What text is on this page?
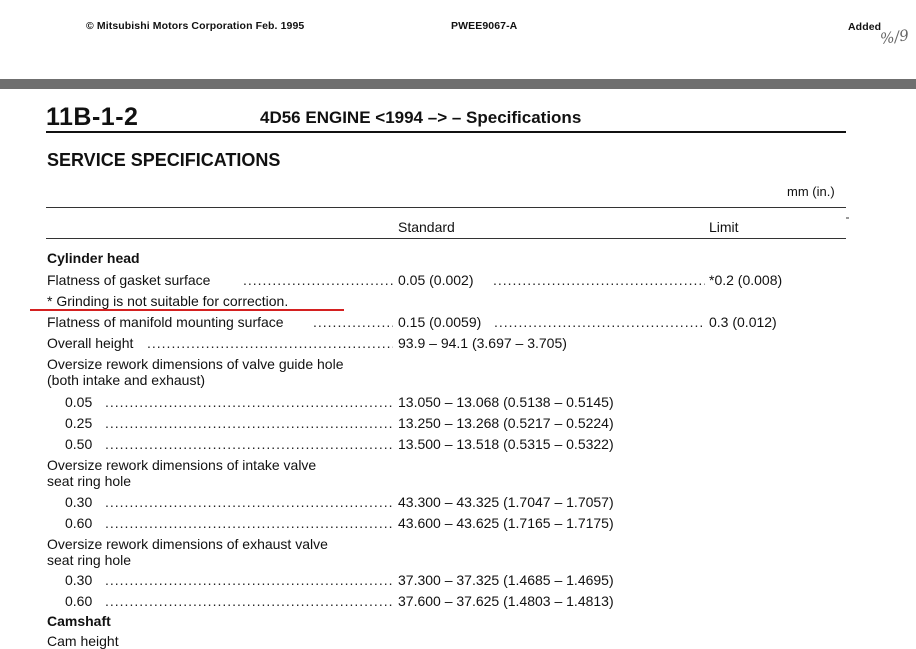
© Mitsubishi Motors Corporation Feb. 1995	PWEE9067-A	Added
%/9
11B-1-2	4D56 ENGINE <1994 –> – Specifications
SERVICE SPECIFICATIONS
mm (in.)
Standard	Limit
Cylinder head
Flatness of gasket surface .....	0.05 (0.002) .....	*0.2 (0.008)
* Grinding is not suitable for correction.
Flatness of manifold mounting surface .....	0.15 (0.0059) .....	0.3 (0.012)
Overall height .....	93.9 – 94.1 (3.697 – 3.705)
Oversize rework dimensions of valve guide hole
(both intake and exhaust)
0.05 .....	13.050 – 13.068 (0.5138 – 0.5145)
0.25 .....	13.250 – 13.268 (0.5217 – 0.5224)
0.50 .....	13.500 – 13.518 (0.5315 – 0.5322)
Oversize rework dimensions of intake valve
seat ring hole
0.30 .....	43.300 – 43.325 (1.7047 – 1.7057)
0.60 .....	43.600 – 43.625 (1.7165 – 1.7175)
Oversize rework dimensions of exhaust valve
seat ring hole
0.30 .....	37.300 – 37.325 (1.4685 – 1.4695)
0.60 .....	37.600 – 37.625 (1.4803 – 1.4813)
Camshaft
Cam height
